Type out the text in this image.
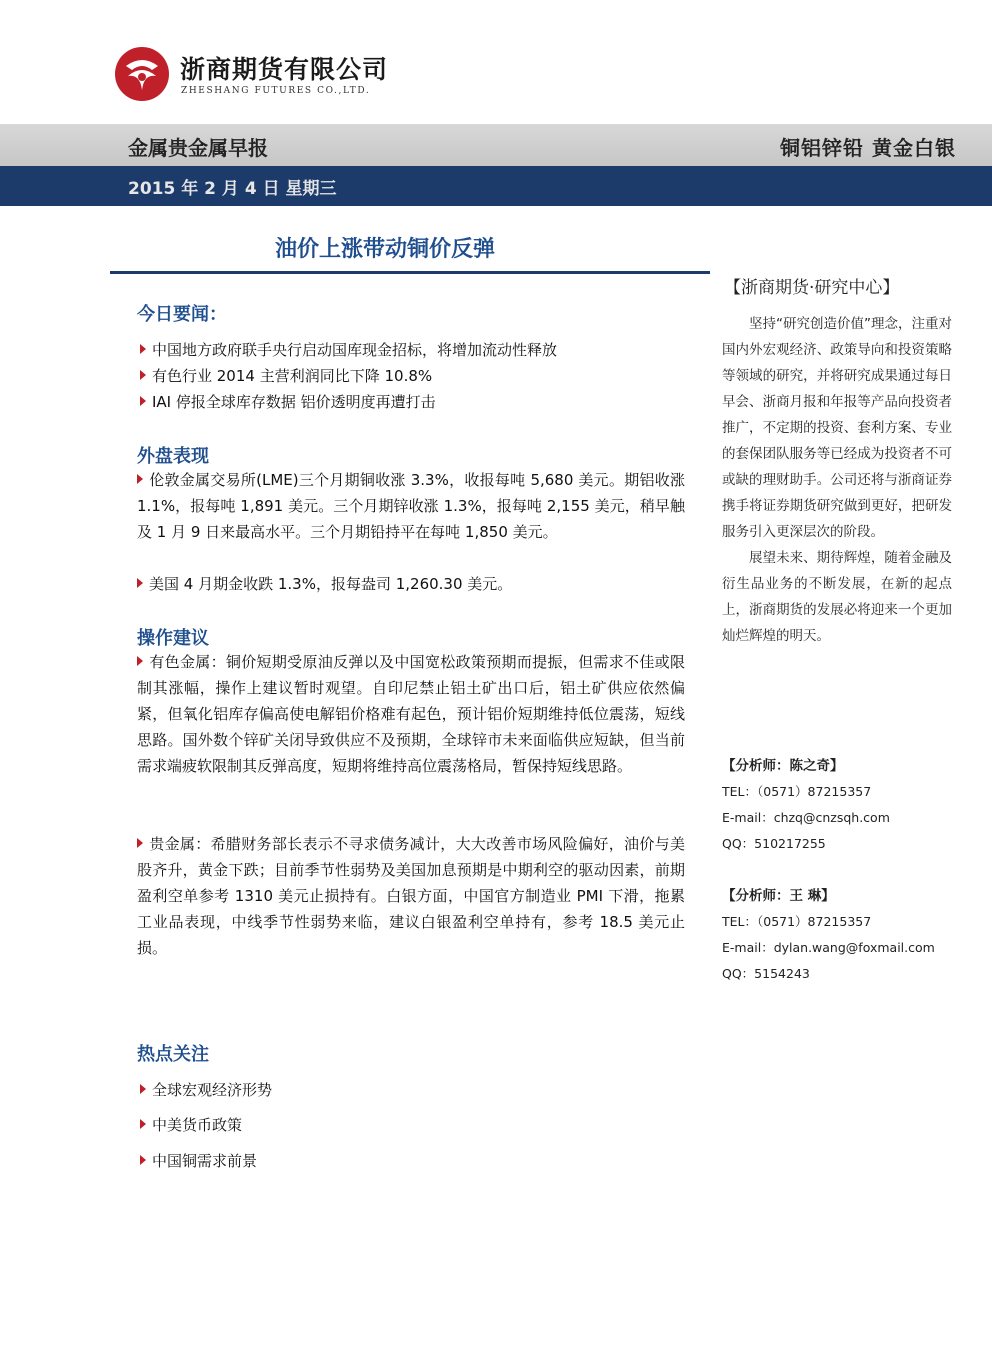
浙商期货有限公司
ZHESHANG FUTURES CO.,LTD.
金属贵金属早报	铜铝锌铅 黄金白银
2015 年 2 月 4 日 星期三
油价上涨带动铜价反弹
今日要闻：
中国地方政府联手央行启动国库现金招标，将增加流动性释放
有色行业 2014 主营利润同比下降 10.8%
IAI 停报全球库存数据 铝价透明度再遭打击
外盘表现
伦敦金属交易所(LME)三个月期铜收涨 3.3%，收报每吨 5,680 美元。期铝收涨 1.1%，报每吨 1,891 美元。三个月期锌收涨 1.3%，报每吨 2,155 美元，稍早触及 1 月 9 日来最高水平。三个月期铅持平在每吨 1,850 美元。
美国 4 月期金收跌 1.3%，报每盎司 1,260.30 美元。
操作建议
有色金属：铜价短期受原油反弹以及中国宽松政策预期而提振，但需求不佳或限制其涨幅，操作上建议暂时观望。自印尼禁止铝土矿出口后，铝土矿供应依然偏紧，但氧化铝库存偏高使电解铝价格难有起色，预计铝价短期维持低位震荡，短线思路。国外数个锌矿关闭导致供应不及预期，全球锌市未来面临供应短缺，但当前需求端疲软限制其反弹高度，短期将维持高位震荡格局，暂保持短线思路。
贵金属：希腊财务部长表示不寻求债务减计，大大改善市场风险偏好，油价与美股齐升，黄金下跌；目前季节性弱势及美国加息预期是中期利空的驱动因素，前期盈利空单参考 1310 美元止损持有。白银方面，中国官方制造业 PMI 下滑，拖累工业品表现，中线季节性弱势来临，建议白银盈利空单持有，参考 18.5 美元止损。
热点关注
全球宏观经济形势
中美货币政策
中国铜需求前景
【浙商期货·研究中心】

坚持“研究创造价值”理念，注重对国内外宏观经济、政策导向和投资策略等领域的研究，并将研究成果通过每日早会、浙商月报和年报等产品向投资者推广，不定期的投资、套利方案、专业的套保团队服务等已经成为投资者不可或缺的理财助手。公司还将与浙商证券携手将证券期货研究做到更好，把研发服务引入更深层次的阶段。

展望未来、期待辉煌，随着金融及衍生品业务的不断发展，在新的起点上，浙商期货的发展必将迎来一个更加灿烂辉煌的明天。

【分析师：陈之奇】
TEL：（0571）87215357
E-mail：chzq@cnzsqh.com
QQ：510217255
【分析师：王 琳】
TEL：（0571）87215357
E-mail：dylan.wang@foxmail.com
QQ：5154243
